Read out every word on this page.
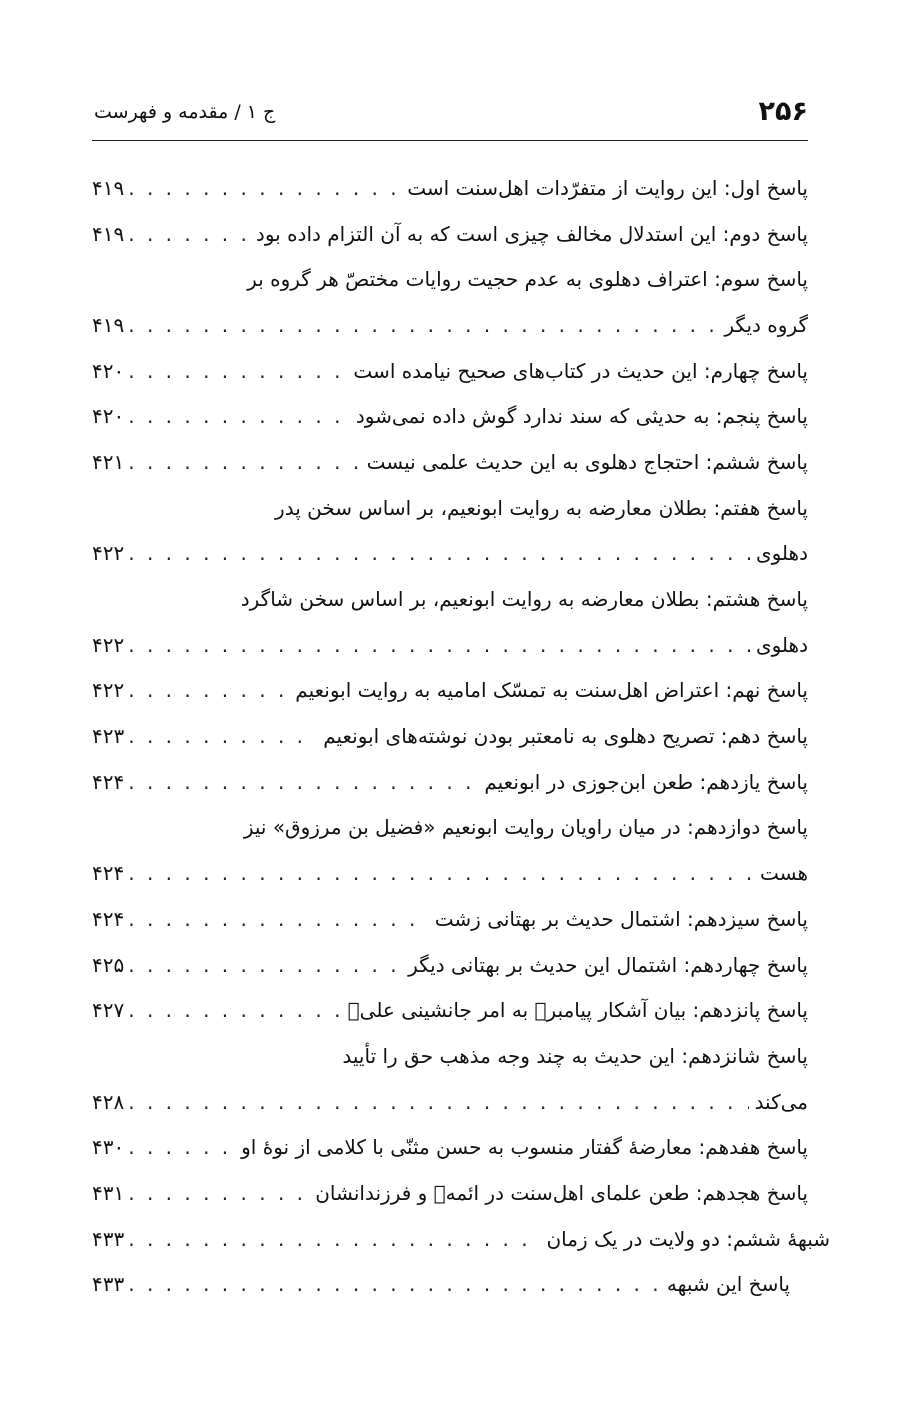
۲۵۶
ج ۱ / مقدمه و فهرست
پاسخ اول: این روایت از متفرّدات اهل‌سنت است
. . .
۴۱۹
پاسخ دوم: این استدلال مخالف چیزی است که به آن التزام داده بود
. . .
۴۱۹
پاسخ سوم: اعتراف دهلوی به عدم حجیت روایات مختصّ هر گروه بر
گروه دیگر
. . .
۴۱۹
پاسخ چهارم: این حدیث در کتاب‌های صحیح نیامده است
. . .
۴۲۰
پاسخ پنجم: به حدیثی که سند ندارد گوش داده نمی‌شود
. . .
۴۲۰
پاسخ ششم: احتجاج دهلوی به این حدیث علمی نیست
. . .
۴۲۱
پاسخ هفتم: بطلان معارضه به روایت ابونعیم، بر اساس سخن پدر
دهلوی
. . .
۴۲۲
پاسخ هشتم: بطلان معارضه به روایت ابونعیم، بر اساس سخن شاگرد
دهلوی
. . .
۴۲۲
پاسخ نهم: اعتراض اهل‌سنت به تمسّک امامیه به روایت ابونعیم
. . .
۴۲۲
پاسخ دهم: تصریح دهلوی به نامعتبر بودن نوشته‌های ابونعیم
. . .
۴۲۳
پاسخ یازدهم: طعن ابن‌جوزی در ابونعیم
. . .
۴۲۴
پاسخ دوازدهم: در میان راویان روایت ابونعیم «فضیل بن مرزوق» نیز
هست
. . .
۴۲۴
پاسخ سیزدهم: اشتمال حدیث بر بهتانی زشت
. . .
۴۲۴
پاسخ چهاردهم: اشتمال این حدیث بر بهتانی دیگر
. . .
۴۲۵
پاسخ پانزدهم: بیان آشکار پیامبرﷺ به امر جانشینی علیؑ
. . .
۴۲۷
پاسخ شانزدهم: این حدیث به چند وجه مذهب حق را تأیید
می‌کند
. . .
۴۲۸
پاسخ هفدهم: معارضهٔ گفتار منسوب به حسن مثنّی با کلامی از نوهٔ او
. . .
۴۳۰
پاسخ هجدهم: طعن علمای اهل‌سنت در ائمهؑ و فرزندانشان
. . .
۴۳۱
شبههٔ ششم: دو ولایت در یک زمان
. . .
۴۳۳
پاسخ این شبهه
. . .
۴۳۳
